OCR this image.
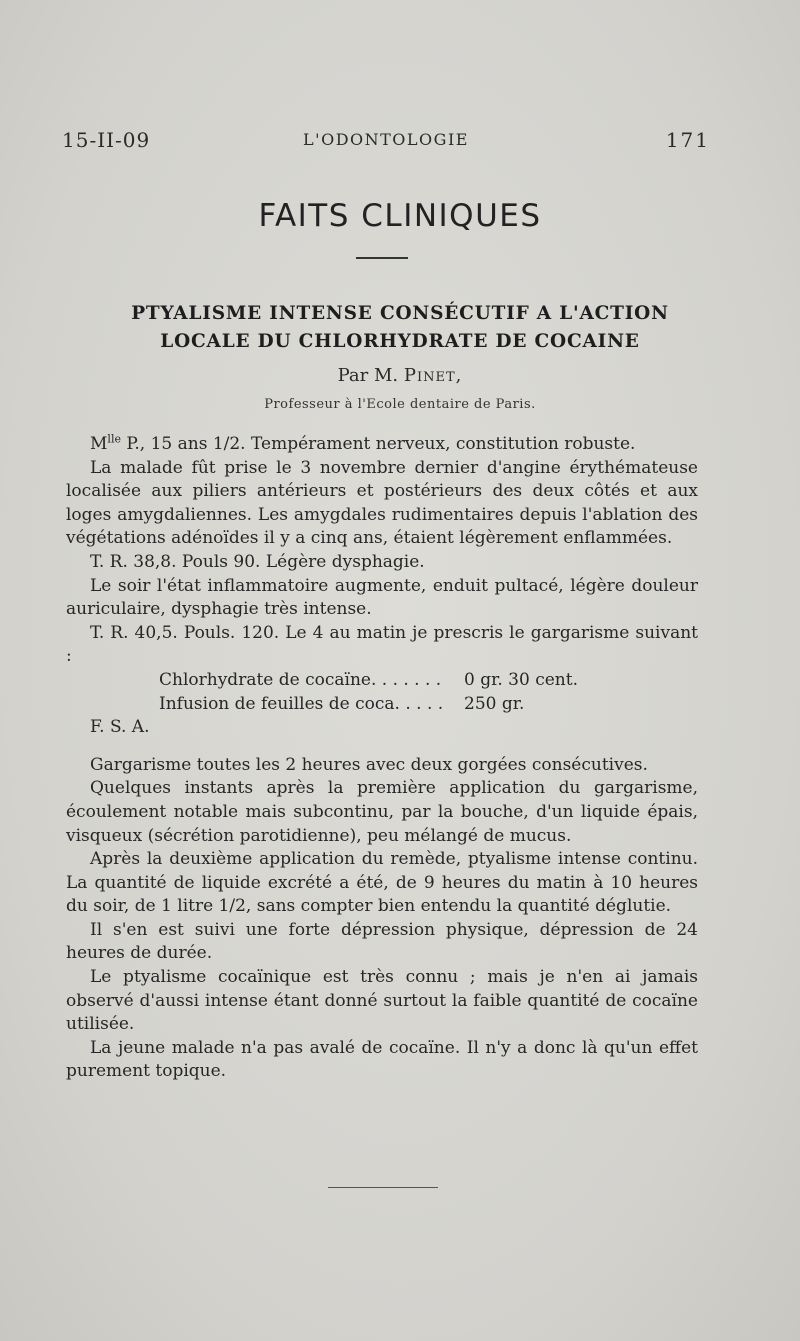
15-II-09	L'ODONTOLOGIE	171
FAITS CLINIQUES
PTYALISME INTENSE CONSÉCUTIF A L'ACTION
LOCALE DU CHLORHYDRATE DE COCAINE
Par M. Pinet,
Professeur à l'Ecole dentaire de Paris.

$M^{lle}$ P., 15 ans 1/2. Tempérament nerveux, constitution robuste.

La malade fût prise le 3 novembre dernier d'angine érythémateuse localisée aux piliers antérieurs et postérieurs des deux côtés et aux loges amygdaliennes. Les amygdales rudimentaires depuis l'ablation des végétations adénoïdes il y a cinq ans, étaient légèrement enflammées.

T. R. 38,8. Pouls 90. Légère dysphagie.

Le soir l'état inflammatoire augmente, enduit pultacé, légère douleur auriculaire, dysphagie très intense.

T. R. 40,5. Pouls. 120. Le 4 au matin je prescris le gargarisme suivant :

Chlorhydrate de cocaïne. . . . . . . 0 gr. 30 cent.
Infusion de feuilles de coca. . . . . 250 gr.

F. S. A.

Gargarisme toutes les 2 heures avec deux gorgées consécutives.

Quelques instants après la première application du gargarisme, écoulement notable mais subcontinu, par la bouche, d'un liquide épais, visqueux (sécrétion parotidienne), peu mélangé de mucus.

Après la deuxième application du remède, ptyalisme intense continu. La quantité de liquide excrété a été, de 9 heures du matin à 10 heures du soir, de 1 litre 1/2, sans compter bien entendu la quantité déglutie.

Il s'en est suivi une forte dépression physique, dépression de 24 heures de durée.

Le ptyalisme cocaïnique est très connu ; mais je n'en ai jamais observé d'aussi intense étant donné surtout la faible quantité de cocaïne utilisée.

La jeune malade n'a pas avalé de cocaïne. Il n'y a donc là qu'un effet purement topique.
